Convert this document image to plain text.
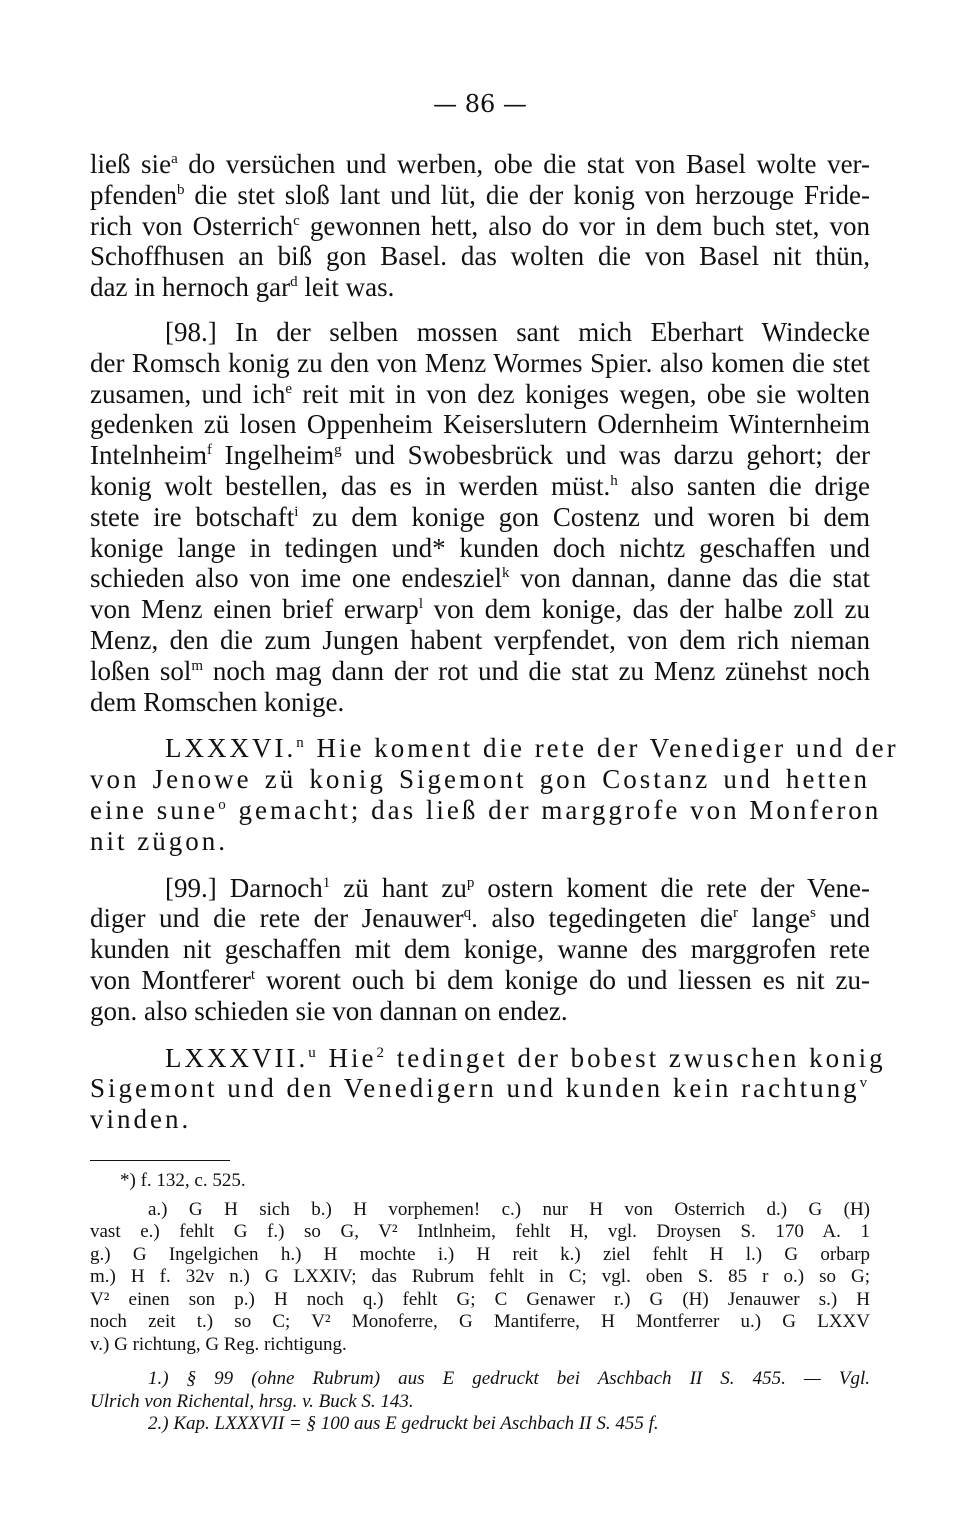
— 86 —
ließ sie$^a$ do versüchen und werben, obe die stat von Basel wolte ver-
pfenden$^b$ die stet sloß lant und lüt, die der konig von herzouge Fride-
rich von Osterrich$^c$ gewonnen hett, also do vor in dem buch stet, von
Schoffhusen an biß gon Basel. das wolten die von Basel nit thün,
daz in hernoch gar$^d$ leit was.
[98.] In der selben mossen sant mich Eberhart Windecke
der Romsch konig zu den von Menz Wormes Spier. also komen die stet
zusamen, und ich$^e$ reit mit in von dez koniges wegen, obe sie wolten
gedenken zü losen Oppenheim Keiserslutern Odernheim Winternheim
Intelnheim$^f$ Ingelheim$^g$ und Swobesbrück und was darzu gehort; der
konig wolt bestellen, das es in werden müst.$^h$ also santen die drige
stete ire botschaft$^i$ zu dem konige gon Costenz und woren bi dem
konige lange in tedingen und* kunden doch nichtz geschaffen und
schieden also von ime one endesziel$^k$ von dannan, danne das die stat
von Menz einen brief erwarp$^l$ von dem konige, das der halbe zoll zu
Menz, den die zum Jungen habent verpfendet, von dem rich nieman
loßen sol$^m$ noch mag dann der rot und die stat zu Menz zünehst noch
dem Romschen konige.
LXXXVI.$^n$ Hie koment die rete der Venediger und der
von Jenowe zü konig Sigemont gon Costanz und hetten
eine sune$^o$ gemacht; das ließ der marggrofe von Monferon
nit zügon.
[99.] Darnoch$^1$ zü hant $zu^p$ ostern koment die rete der Vene-
diger und die rete der Jenauwer$^q$. also tegedingeten die$^r$ lange$^s$ und
kunden nit geschaffen mit dem konige, wanne des marggrofen rete
von Montferer$^t$ worent ouch bi dem konige do und liessen es nit zu-
gon. also schieden sie von dannan on endez.
LXXXVII.$^u$ Hie$^2$ tedinget der bobest zwuschen konig
Sigemont und den Venedigern und kunden kein rachtung$^v$
vinden.
*) f. 132, c. 525.
a.) G H sich b.) H vorphemen! c.) nur H von Osterrich d.) G (H)
vast e.) fehlt G f.) so G, V² Intlnheim, fehlt H, vgl. Droysen S. 170 A. 1
g.) G Ingelgichen h.) H mochte i.) H reit k.) ziel fehlt H l.) G orbarp
m.) H f. 32v n.) G LXXIV; das Rubrum fehlt in C; vgl. oben S. 85 r o.) so G;
V² einen son p.) H noch q.) fehlt G; C Genawer r.) G (H) Jenauwer s.) H
noch zeit t.) so C; V² Monoferre, G Mantiferre, H Montferrer u.) G LXXV
v.) G richtung, G Reg. richtigung.
1.) § 99 (ohne Rubrum) aus E gedruckt bei Aschbach II S. 455. — Vgl.
Ulrich von Richental, hrsg. v. Buck S. 143.
2.) Kap. LXXXVII = § 100 aus E gedruckt bei Aschbach II S. 455 f.
